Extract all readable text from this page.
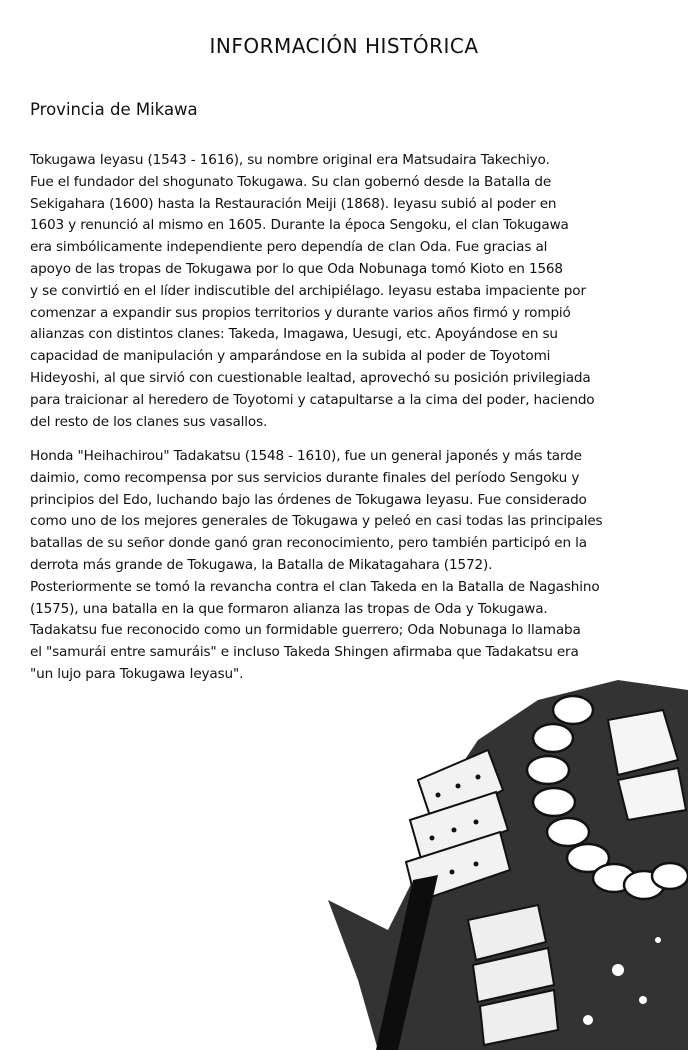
INFORMACIÓN HISTÓRICA
Provincia de Mikawa

Tokugawa Ieyasu (1543 - 1616), su nombre original era Matsudaira Takechiyo.
Fue el fundador del shogunato Tokugawa. Su clan gobernó desde la Batalla de
Sekigahara (1600) hasta la Restauración Meiji (1868). Ieyasu subió al poder en
1603 y renunció al mismo en 1605. Durante la época Sengoku, el clan Tokugawa
era simbólicamente independiente pero dependía de clan Oda. Fue gracias al
apoyo de las tropas de Tokugawa por lo que Oda Nobunaga tomó Kioto en 1568
y se convirtió en el líder indiscutible del archipiélago. Ieyasu estaba impaciente por
comenzar a expandir sus propios territorios y durante varios años firmó y rompió
alianzas con distintos clanes: Takeda, Imagawa, Uesugi, etc. Apoyándose en su
capacidad de manipulación y amparándose en la subida al poder de Toyotomi
Hideyoshi, al que sirvió con cuestionable lealtad, aprovechó su posición privilegiada
para traicionar al heredero de Toyotomi y catapultarse a la cima del poder, haciendo
del resto de los clanes sus vasallos.

Honda "Heihachirou" Tadakatsu (1548 - 1610), fue un general japonés y más tarde
daimio, como recompensa por sus servicios durante finales del período Sengoku y
principios del Edo, luchando bajo las órdenes de Tokugawa Ieyasu. Fue considerado
como uno de los mejores generales de Tokugawa y peleó en casi todas las principales
batallas de su señor donde ganó gran reconocimiento, pero también participó en la
derrota más grande de Tokugawa, la Batalla de Mikatagahara (1572).
Posteriormente se tomó la revancha contra el clan Takeda en la Batalla de Nagashino
(1575), una batalla en la que formaron alianza las tropas de Oda y Tokugawa.
Tadakatsu fue reconocido como un formidable guerrero; Oda Nobunaga lo llamaba
el "samurái entre samuráis" e incluso Takeda Shingen afirmaba que Tadakatsu era
"un lujo para Tokugawa Ieyasu".
